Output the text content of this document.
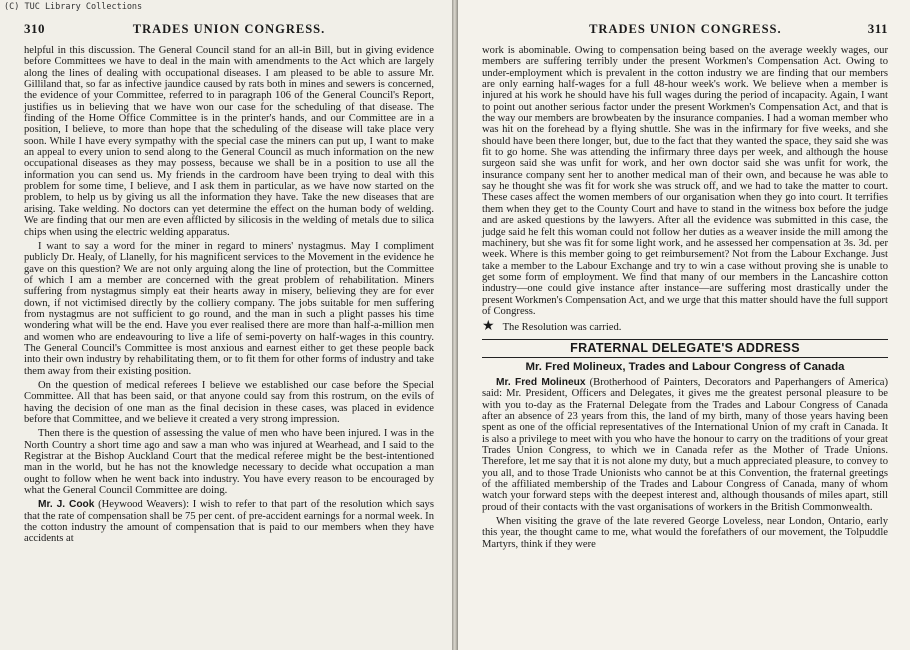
(C) TUC Library Collections
310	TRADES UNION CONGRESS.

helpful in this discussion. The General Council stand for an all-in Bill, but in giving evidence before Committees we have to deal in the main with amendments to the Act which are largely along the lines of dealing with occupational diseases. I am pleased to be able to assure Mr. Gilliland that, so far as infective jaundice caused by rats both in mines and sewers is concerned, the evidence of your Committee, referred to in paragraph 106 of the General Council's Report, justifies us in believing that we have won our case for the scheduling of that disease. The finding of the Home Office Committee is in the printer's hands, and our Committee are in a position, I believe, to more than hope that the scheduling of the disease will take place very soon. While I have every sympathy with the special case the miners can put up, I want to make an appeal to every union to send along to the General Council as much information on the new occupational diseases as they may possess, because we shall be in a position to use all the information you can send us. My friends in the cardroom have been trying to deal with this problem for some time, I believe, and I ask them in particular, as we have now started on the problem, to help us by giving us all the information they have. Take the new diseases that are arising. Take welding. No doctors can yet determine the effect on the human body of welding. We are finding that our men are even afflicted by silicosis in the welding of metals due to silica chips when using the electric welding apparatus.

I want to say a word for the miner in regard to miners' nystagmus. May I compliment publicly Dr. Healy, of Llanelly, for his magnificent services to the Movement in the evidence he gave on this question? We are not only arguing along the line of protection, but the Committee of which I am a member are concerned with the great problem of rehabilitation. Miners suffering from nystagmus simply eat their hearts away in misery, believing they are for ever down, if not victimised directly by the colliery company. The jobs suitable for men suffering from nystagmus are not sufficient to go round, and the man in such a plight passes his time wondering what will be the end. Have you ever realised there are more than half-a-million men and women who are endeavouring to live a life of semi-poverty on half-wages in this country. The General Council's Committee is most anxious and earnest either to get these people back into their own industry by rehabilitating them, or to fit them for other forms of industry and take them away from their existing position.

On the question of medical referees I believe we established our case before the Special Committee. All that has been said, or that anyone could say from this rostrum, on the evils of having the decision of one man as the final decision in these cases, was placed in evidence before that Committee, and we believe it created a very strong impression.

Then there is the question of assessing the value of men who have been injured. I was in the North Country a short time ago and saw a man who was injured at Wearhead, and I said to the Registrar at the Bishop Auckland Court that the medical referee might be the best-intentioned man in the world, but he has not the knowledge necessary to decide what occupation a man ought to follow when he went back into industry. You have every reason to be encouraged by what the General Council Committee are doing.

Mr. J. Cook (Heywood Weavers): I wish to refer to that part of the resolution which says that the rate of compensation shall be 75 per cent. of pre-accident earnings for a normal week. In the cotton industry the amount of compensation that is paid to our members when they have accidents at

TRADES UNION CONGRESS.	311

work is abominable. Owing to compensation being based on the average weekly wages, our members are suffering terribly under the present Workmen's Compensation Act. Owing to under-employment which is prevalent in the cotton industry we are finding that our members are only earning half-wages for a full 48-hour week's work. We believe when a member is injured at his work he should have his full wages during the period of incapacity. Again, I want to point out another serious factor under the present Workmen's Compensation Act, and that is the way our members are browbeaten by the insurance companies. I had a woman member who was hit on the forehead by a flying shuttle. She was in the infirmary for five weeks, and she should have been there longer, but, due to the fact that they wanted the space, they said she was fit to go home. She was attending the infirmary three days per week, and although the house surgeon said she was unfit for work, and her own doctor said she was unfit for work, the insurance company sent her to another medical man of their own, and because he was able to say he thought she was fit for work she was struck off, and we had to take the matter to court. These cases affect the women members of our organisation when they go into court. It terrifies them when they get to the County Court and have to stand in the witness box before the judge and are asked questions by the lawyers. After all the evidence was submitted in this case, the judge said he felt this woman could not follow her duties as a weaver inside the mill among the machinery, but she was fit for some light work, and he assessed her compensation at 3s. 3d. per week. Where is this member going to get reimbursement? Not from the Labour Exchange. Just take a member to the Labour Exchange and try to win a case without proving she is unable to get some form of employment. We find that many of our members in the Lancashire cotton industry—one could give instance after instance—are suffering most drastically under the present Workmen's Compensation Act, and we urge that this matter should have the full support of Congress.

★ The Resolution was carried.
FRATERNAL DELEGATE'S ADDRESS
Mr. Fred Molineux, Trades and Labour Congress of Canada

Mr. Fred Molineux (Brotherhood of Painters, Decorators and Paperhangers of America) said: Mr. President, Officers and Delegates, it gives me the greatest personal pleasure to be with you to-day as the Fraternal Delegate from the Trades and Labour Congress of Canada after an absence of 23 years from this, the land of my birth, many of those years having been spent as one of the official representatives of the International Union of my craft in Canada. It is also a privilege to meet with you who have the honour to carry on the traditions of your great Trades Union Congress, to which we in Canada refer as the Mother of Trade Unions. Therefore, let me say that it is not alone my duty, but a much appreciated pleasure, to convey to you all, and to those Trade Unionists who cannot be at this Convention, the fraternal greetings of the affiliated membership of the Trades and Labour Congress of Canada, many of whom watch your forward steps with the deepest interest and, although thousands of miles apart, still proud of their contacts with the vast organisations of workers in the British Commonwealth.

When visiting the grave of the late revered George Loveless, near London, Ontario, early this year, the thought came to me, what would the forefathers of our movement, the Tolpuddle Martyrs, think if they were
